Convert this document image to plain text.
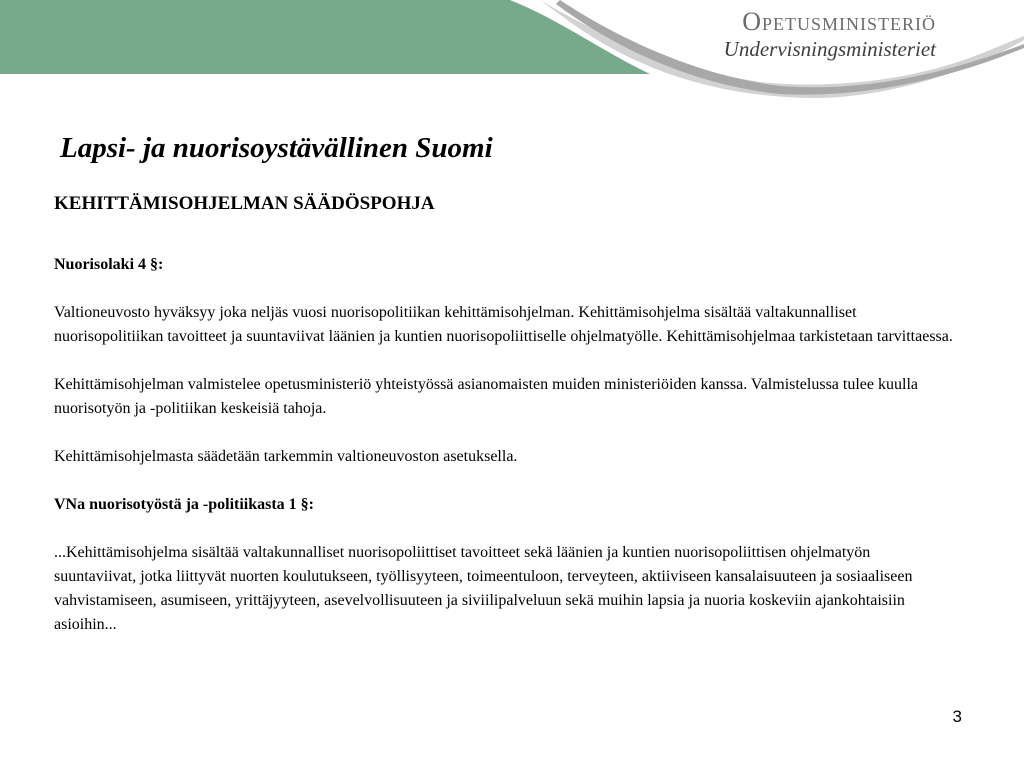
Opetusministeriö
Undervisningsministeriet
Lapsi- ja nuorisoystävällinen Suomi
KEHITTÄMISOHJELMAN SÄÄDÖSPOHJA

Nuorisolaki 4 §:

Valtioneuvosto hyväksyy joka neljäs vuosi nuorisopolitiikan kehittämisohjelman. Kehittämisohjelma sisältää valtakunnalliset nuorisopolitiikan tavoitteet ja suuntaviivat läänien ja kuntien nuorisopoliittiselle ohjelmatyölle. Kehittämisohjelmaa tarkistetaan tarvittaessa.

Kehittämisohjelman valmistelee opetusministeriö yhteistyössä asianomaisten muiden ministeriöiden kanssa. Valmistelussa tulee kuulla nuorisotyön ja -politiikan keskeisiä tahoja.

Kehittämisohjelmasta säädetään tarkemmin valtioneuvoston asetuksella.

VNa nuorisotyöstä ja -politiikasta 1 §:

...Kehittämisohjelma sisältää valtakunnalliset nuorisopoliittiset tavoitteet sekä läänien ja kuntien nuorisopoliittisen ohjelmatyön suuntaviivat, jotka liittyvät nuorten koulutukseen, työllisyyteen, toimeentuloon, terveyteen, aktiiviseen kansalaisuuteen ja sosiaaliseen vahvistamiseen, asumiseen, yrittäjyyteen, asevelvollisuuteen ja siviilipalveluun sekä muihin lapsia ja nuoria koskeviin ajankohtaisiin asioihin...

3
